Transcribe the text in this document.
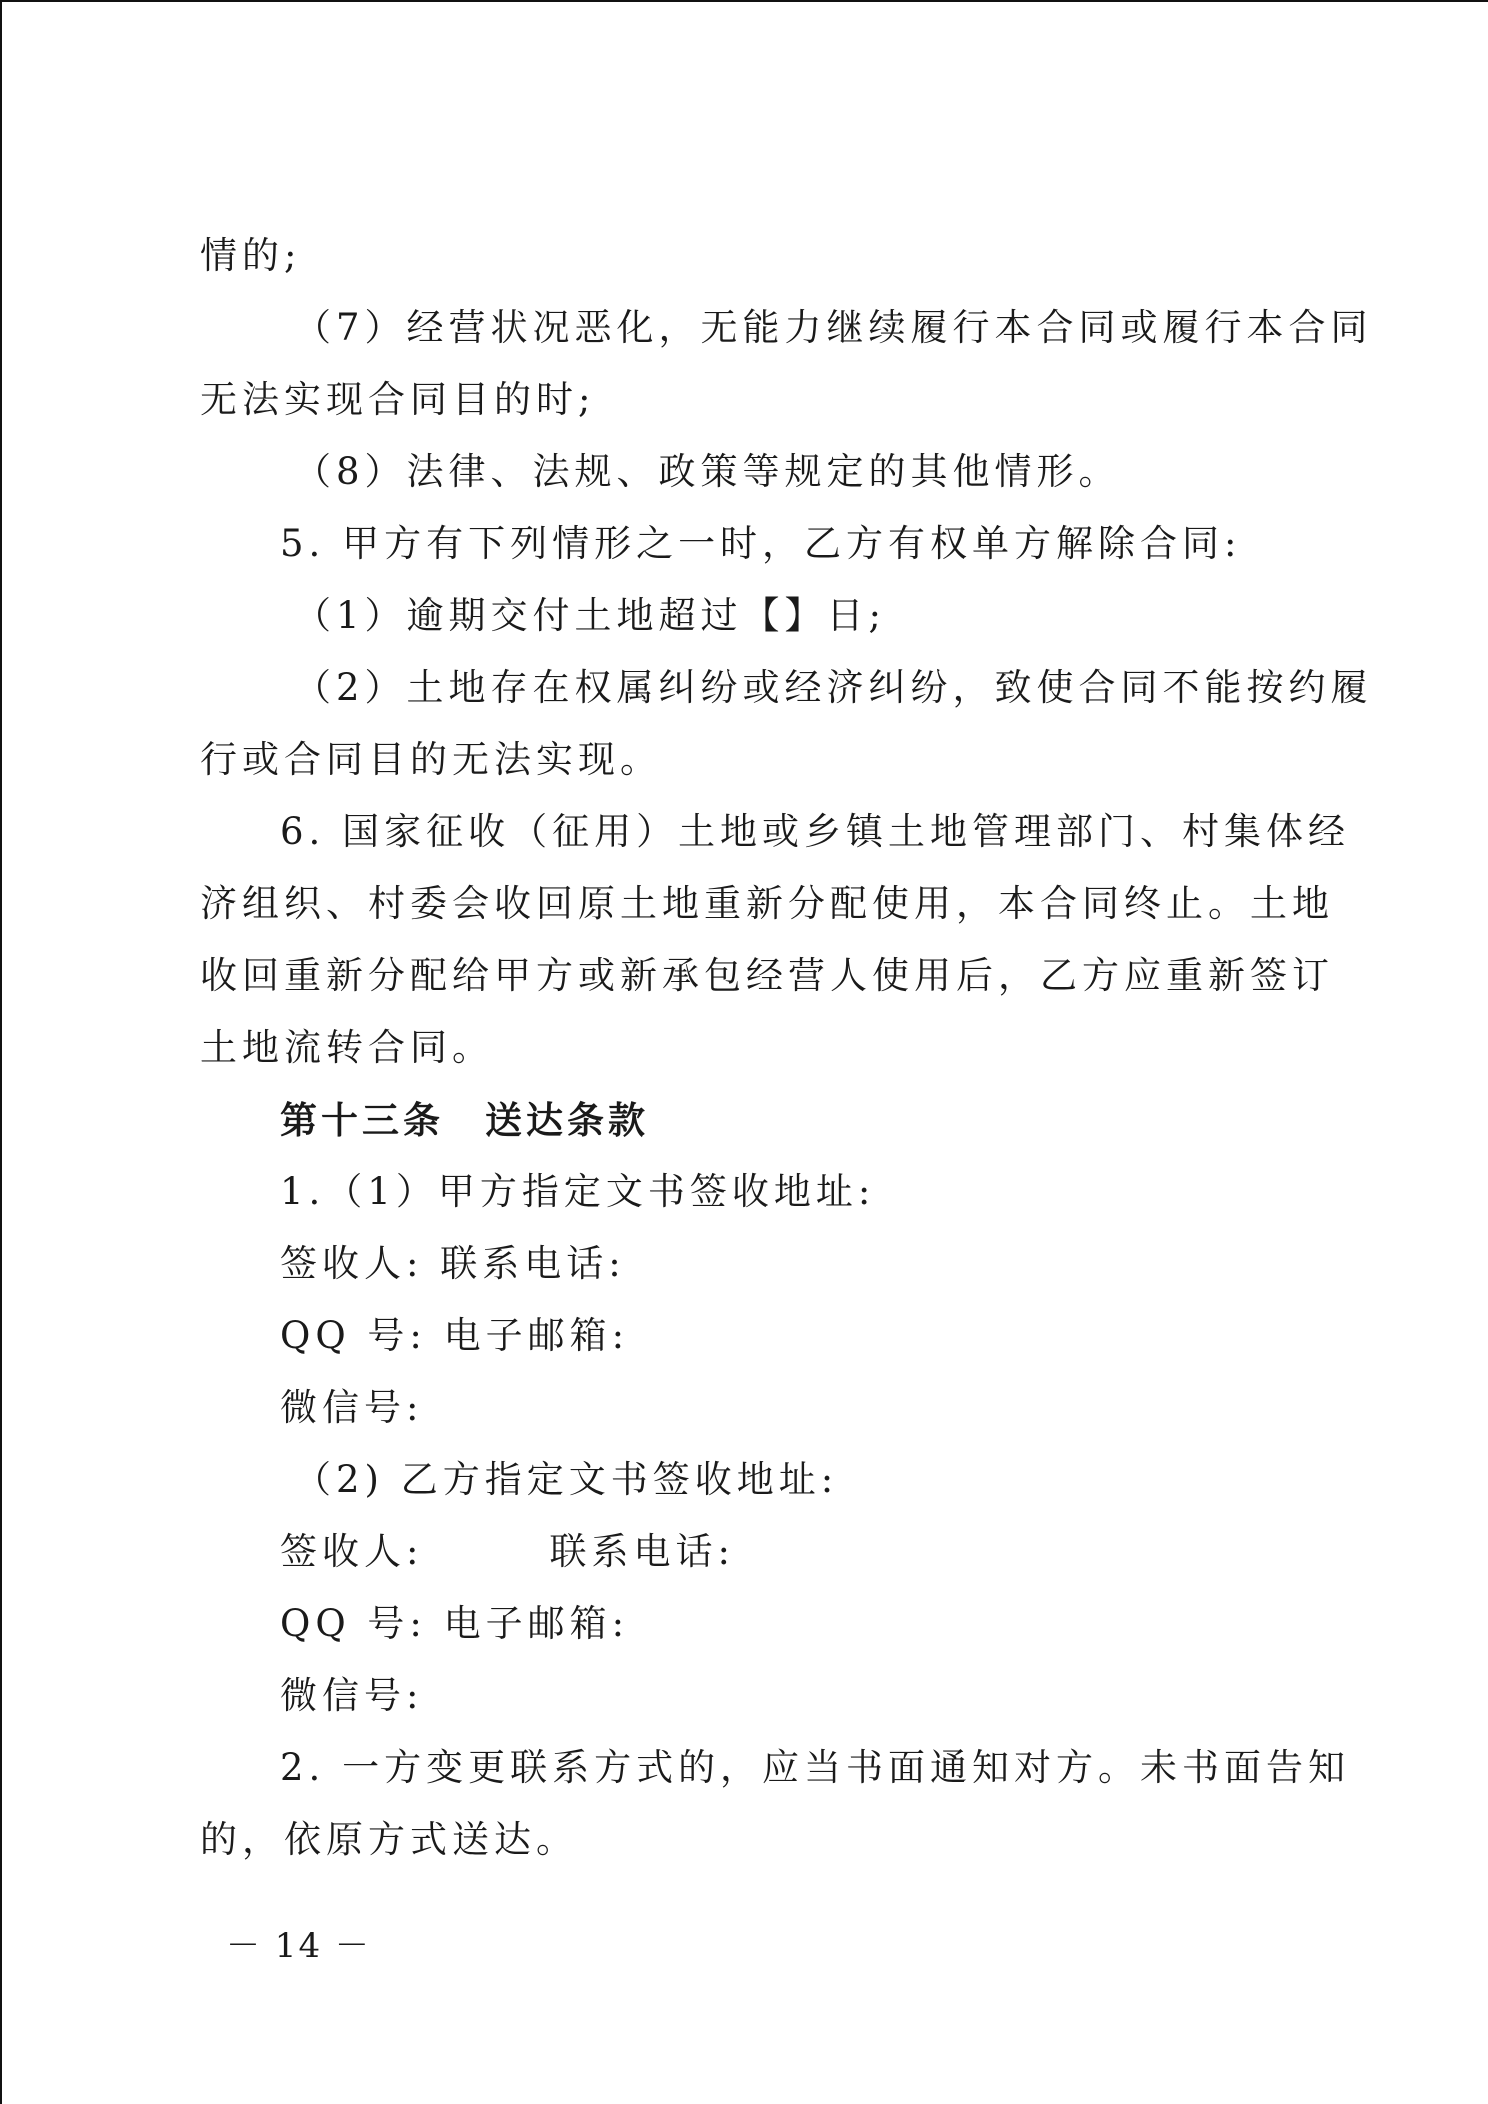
情的;
（7）经营状况恶化，无能力继续履行本合同或履行本合同
无法实现合同目的时;
（8）法律、法规、政策等规定的其他情形。
5. 甲方有下列情形之一时，乙方有权单方解除合同:
（1）逾期交付土地超过【】日;
（2）土地存在权属纠纷或经济纠纷，致使合同不能按约履
行或合同目的无法实现。
6. 国家征收（征用）土地或乡镇土地管理部门、村集体经
济组织、村委会收回原土地重新分配使用，本合同终止。土地
收回重新分配给甲方或新承包经营人使用后，乙方应重新签订
土地流转合同。
第十三条　送达条款
1.（1）甲方指定文书签收地址:
签收人: 联系电话:
QQ 号: 电子邮箱:
微信号:
（2) 乙方指定文书签收地址:
签收人:　　　联系电话:
QQ 号: 电子邮箱:
微信号:
2. 一方变更联系方式的，应当书面通知对方。未书面告知
的，依原方式送达。
－ 14 －
